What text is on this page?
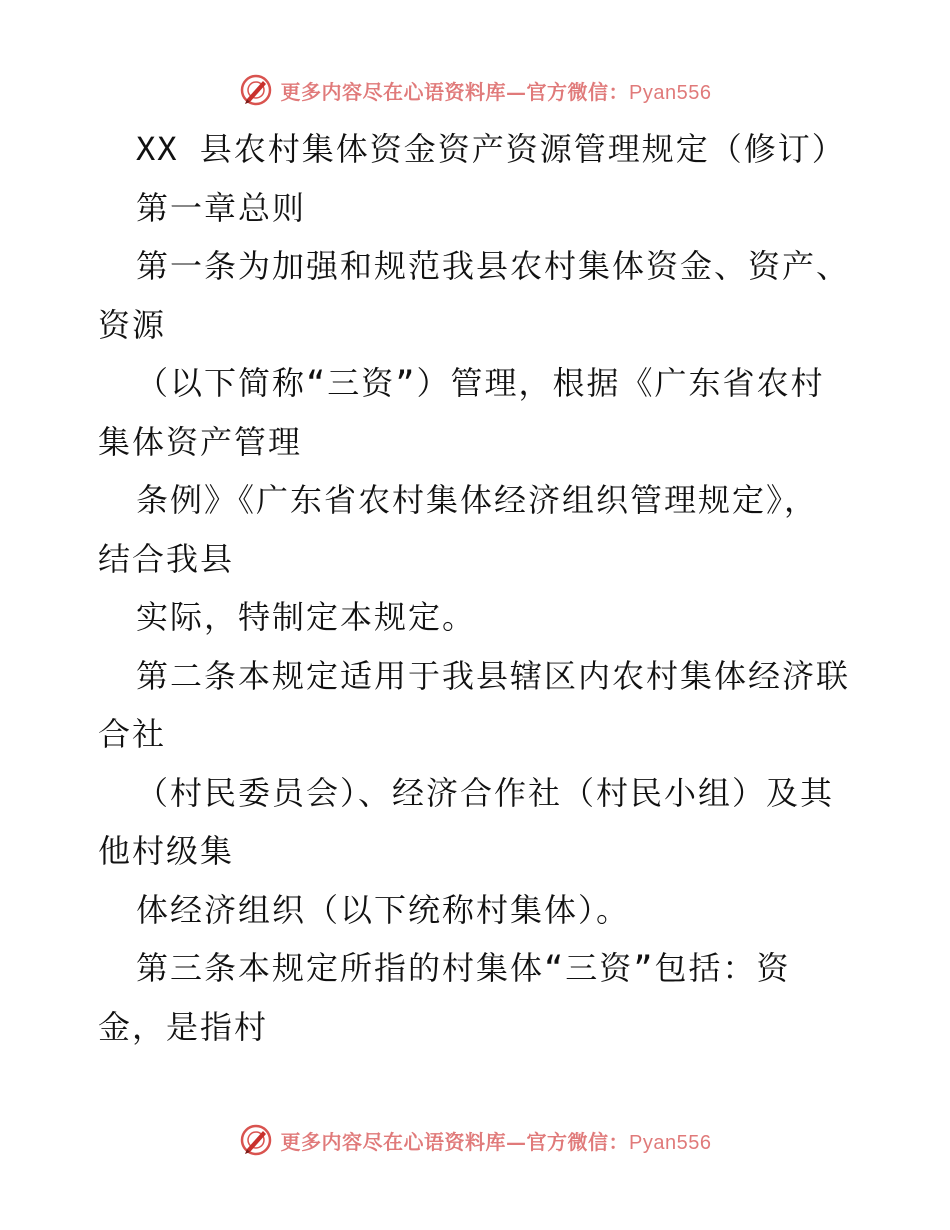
更多内容尽在心语资料库—官方微信：Pyan556
XX 县农村集体资金资产资源管理规定（修订）
第一章总则
第一条为加强和规范我县农村集体资金、资产、
资源
（以下简称“三资”）管理，根据《广东省农村
集体资产管理
条例》《广东省农村集体经济组织管理规定》，
结合我县
实际，特制定本规定。
第二条本规定适用于我县辖区内农村集体经济联
合社
（村民委员会）、经济合作社（村民小组）及其
他村级集
体经济组织（以下统称村集体）。
第三条本规定所指的村集体“三资”包括：资
金，是指村
更多内容尽在心语资料库—官方微信：Pyan556
